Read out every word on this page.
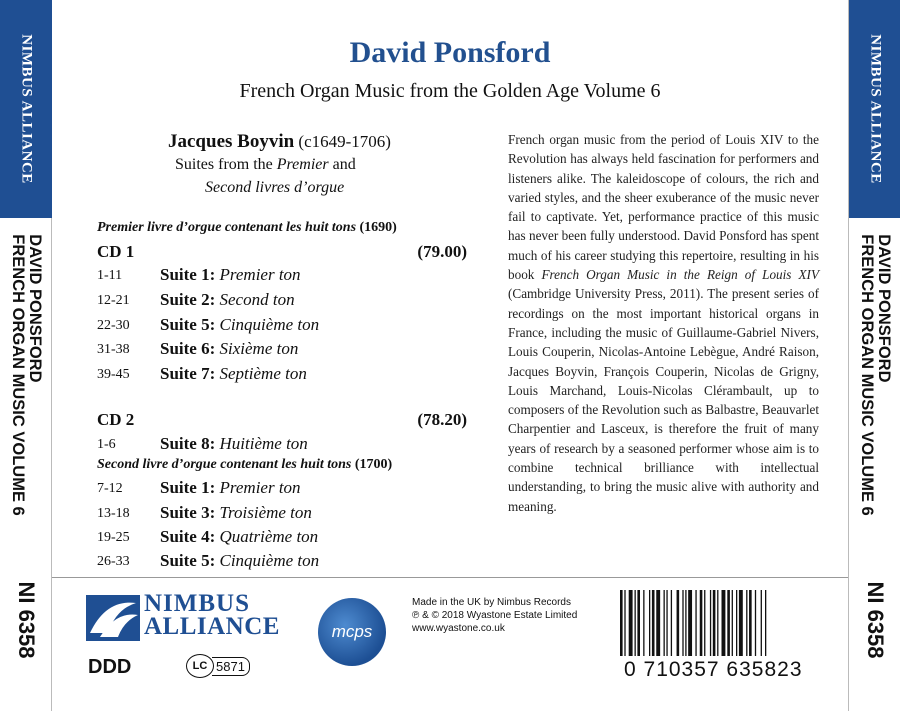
NIMBUS ALLIANCE
DAVID PONSFORD
FRENCH ORGAN MUSIC VOLUME 6
NI 6358
NIMBUS ALLIANCE
DAVID PONSFORD
FRENCH ORGAN MUSIC VOLUME 6
NI 6358
David Ponsford
French Organ Music from the Golden Age Volume 6
Jacques Boyvin (c1649-1706)
Suites from the Premier and
Second livres d’orgue
Premier livre d’orgue contenant les huit tons (1690)
CD 1	(79.00)
1-11 Suite 1: Premier ton
12-21 Suite 2: Second ton
22-30 Suite 5: Cinquième ton
31-38 Suite 6: Sixième ton
39-45 Suite 7: Septième ton
CD 2	(78.20)
1-6	Suite 8: Huitième ton
Second livre d’orgue contenant les huit tons (1700)
7-12 Suite 1: Premier ton
13-18 Suite 3: Troisième ton
19-25 Suite 4: Quatrième ton
26-33 Suite 5: Cinquième ton
French organ music from the period of Louis XIV to the Revolution has always held fascination for performers and listeners alike. The kaleidoscope of colours, the rich and varied styles, and the sheer exuberance of the music never fail to captivate. Yet, performance practice of this music has never been fully understood. David Ponsford has spent much of his career studying this repertoire, resulting in his book French Organ Music in the Reign of Louis XIV (Cambridge University Press, 2011). The present series of recordings on the most important historical organs in France, including the music of Guillaume-Gabriel Nivers, Louis Couperin, Nicolas-Antoine Lebègue, André Raison, Jacques Boyvin, François Couperin, Nicolas de Grigny, Louis Marchand, Louis-Nicolas Clérambault, up to composers of the Revolution such as Balbastre, Beauvarlet Charpentier and Lasceux, is therefore the fruit of many years of research by a seasoned performer whose aim is to combine technical brilliance with intellectual understanding, to bring the music alive with authority and meaning.
NIMBUS
ALLIANCE
DDD	LC 5871
mcps
Made in the UK by Nimbus Records
℗ & © 2018 Wyastone Estate Limited
www.wyastone.co.uk
0 710357 635823
